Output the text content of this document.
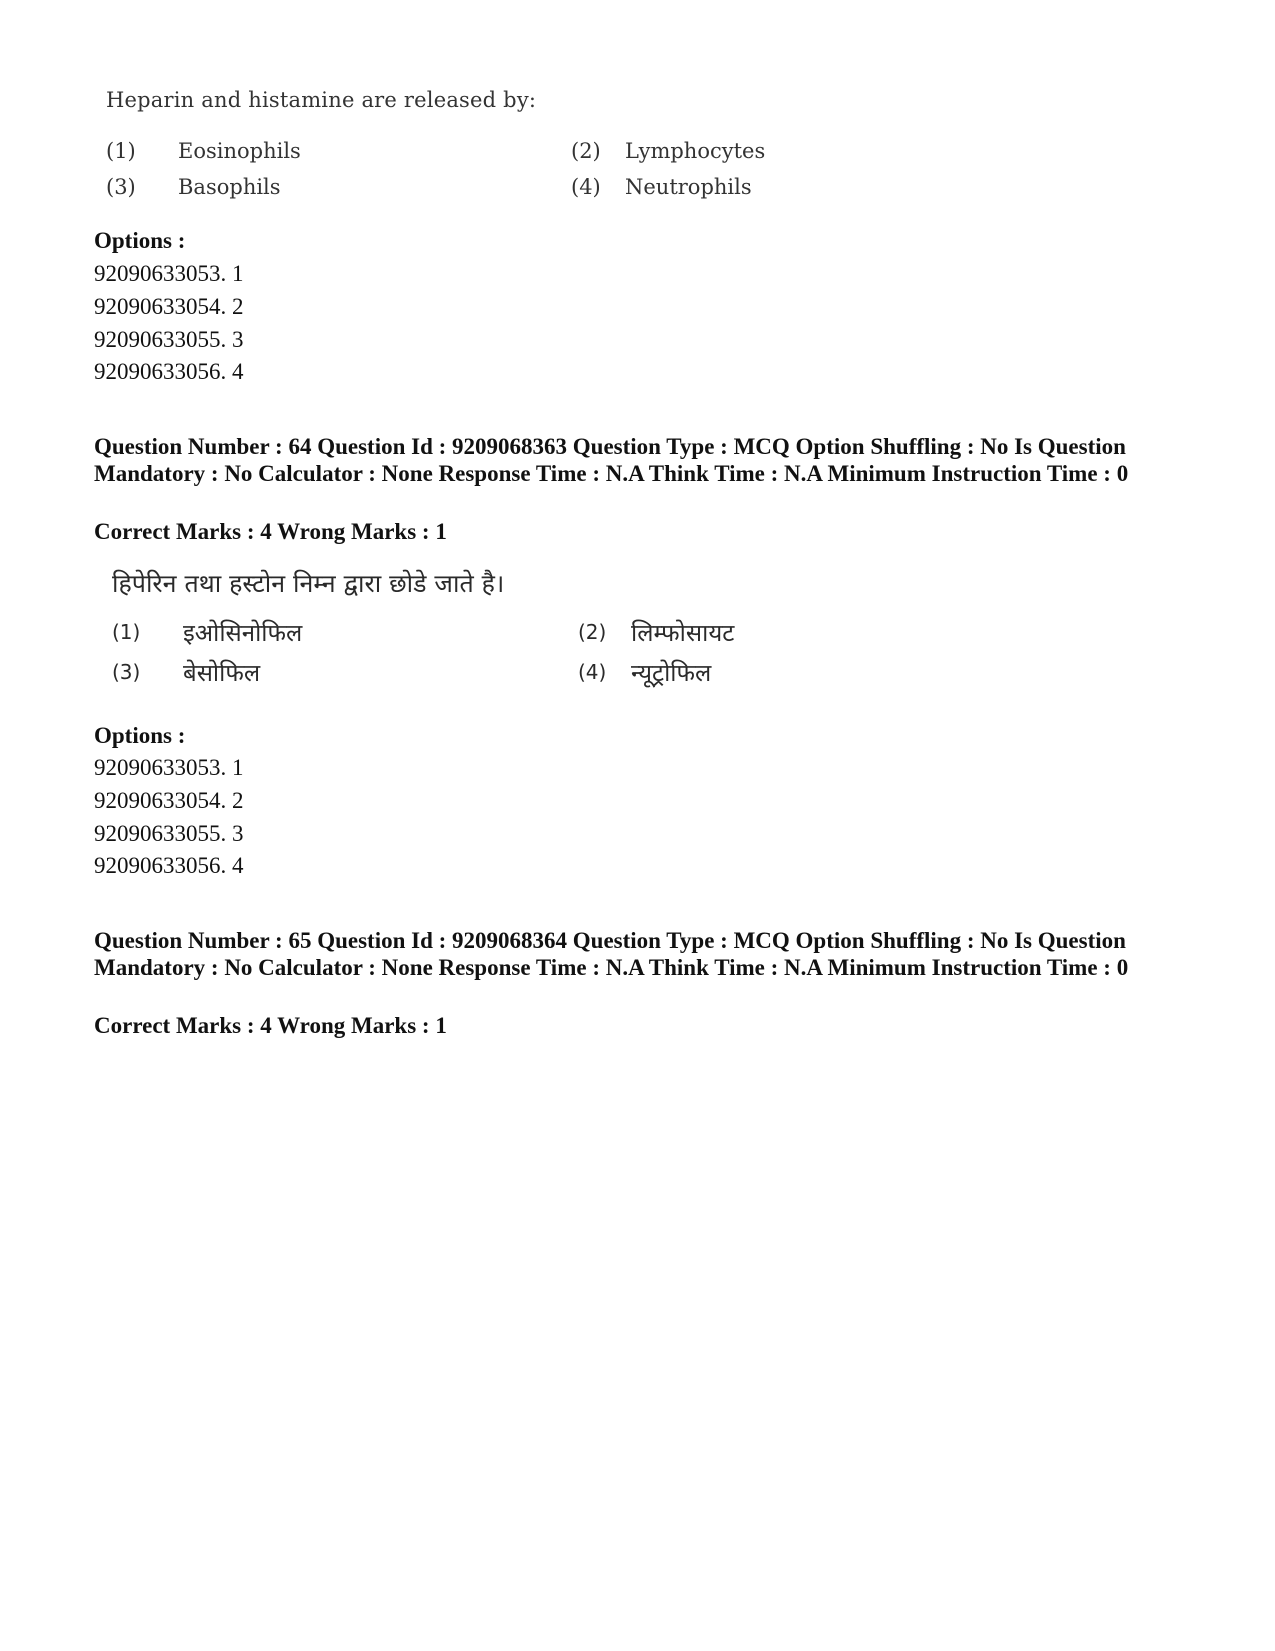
Heparin and histamine are released by:
(1) Eosinophils	(2) Lymphocytes
(3) Basophils	(4) Neutrophils
Options :
92090633053. 1
92090633054. 2
92090633055. 3
92090633056. 4
Question Number : 64 Question Id : 9209068363 Question Type : MCQ Option Shuffling : No Is Question Mandatory : No Calculator : None Response Time : N.A Think Time : N.A Minimum Instruction Time : 0
Correct Marks : 4 Wrong Marks : 1
हिपेरिन तथा हस्टोन निम्न द्वारा छोडे जाते है।
(1) इओसिनोफिल	(2) लिम्फोसायट
(3) बेसोफिल	(4) न्यूट्रोफिल
Options :
92090633053. 1
92090633054. 2
92090633055. 3
92090633056. 4
Question Number : 65 Question Id : 9209068364 Question Type : MCQ Option Shuffling : No Is Question Mandatory : No Calculator : None Response Time : N.A Think Time : N.A Minimum Instruction Time : 0
Correct Marks : 4 Wrong Marks : 1
